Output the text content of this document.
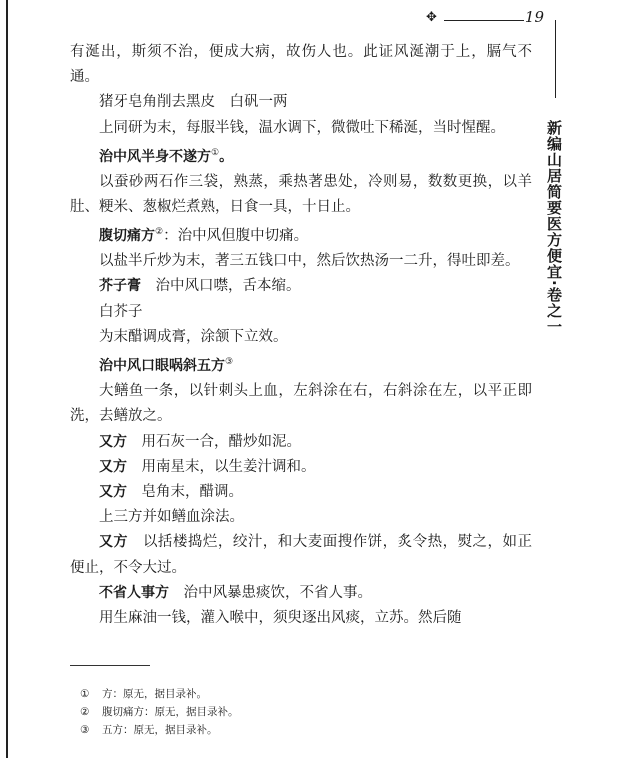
✥	19
新编山居简要医方便宜·卷之一

有涎出，斯须不治，便成大病，故伤人也。此证风涎潮于上，膈气不通。

猪牙皂角削去黑皮　白矾一两

上同研为末，每服半钱，温水调下，微微吐下稀涎，当时惺醒。

治中风半身不遂方①。

以蚕砂两石作三袋，熟蒸，乘热著患处，冷则易，数数更换，以羊肚、粳米、葱椒烂煮熟，日食一具，十日止。

腹切痛方②：治中风但腹中切痛。

以盐半斤炒为末，著三五钱口中，然后饮热汤一二升，得吐即差。

芥子膏　治中风口噤，舌本缩。

白芥子

为末醋调成膏，涂颔下立效。

治中风口眼㖞斜五方③

大鳝鱼一条，以针刺头上血，左斜涂在右，右斜涂在左，以平正即洗，去鳝放之。

又方　用石灰一合，醋炒如泥。

又方　用南星末，以生姜汁调和。

又方　皂角末，醋调。

上三方并如鳝血涂法。

又方　以括楼捣烂，绞汁，和大麦面搜作饼，炙令热，熨之，如正便止，不令大过。

不省人事方　治中风暴患痰饮，不省人事。

用生麻油一钱，灌入喉中，须臾逐出风痰，立苏。然后随

① 方：原无，据目录补。
② 腹切痛方：原无，据目录补。
③ 五方：原无，据目录补。
